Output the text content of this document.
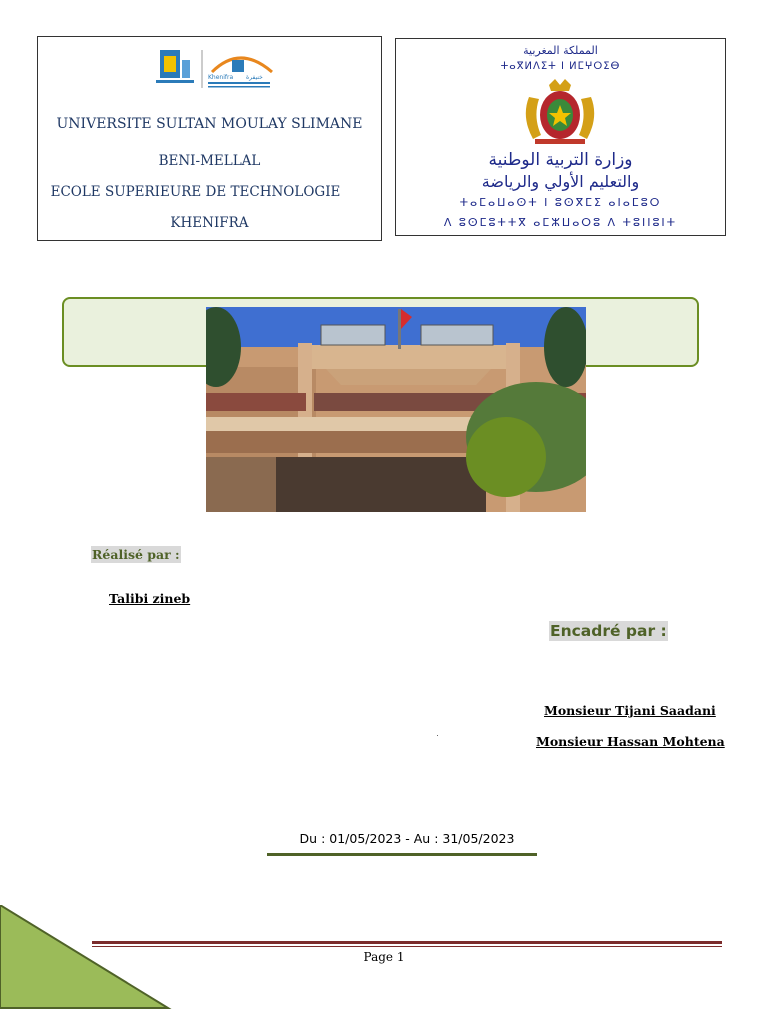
Khenifra خنيفرة
UNIVERSITE SULTAN MOULAY SLIMANE
BENI-MELLAL
ECOLE SUPERIEURE DE TECHNOLOGIE
KHENIFRA
المملكة المغربية
ⵜⴰⴳⵍⴷⵉⵜ ⵏ ⵍⵎⵖⵔⵉⴱ
وزارة التربية الوطنية
والتعليم الأولي والرياضة
ⵜⴰⵎⴰⵡⴰⵙⵜ ⵏ ⵓⵙⴳⵎⵉ ⴰⵏⴰⵎⵓⵔ
ⴷ ⵓⵙⵎⵓⵜⵜⴳ ⴰⵎⵣⵡⴰⵔⵓ ⴷ ⵜⵓⵏⵏⵓⵏⵜ
Réalisé par :
Talibi zineb
Encadré par :
Monsieur Tijani Saadani
Monsieur Hassan Mohtena
Du : 01/05/2023 - Au : 31/05/2023
Page 1
